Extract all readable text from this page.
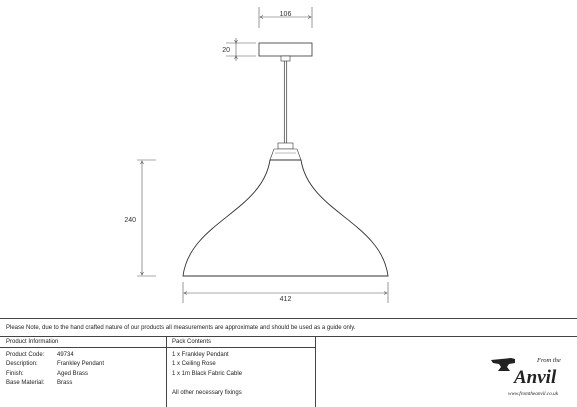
106
20
240
412
Please Note, due to the hand crafted nature of our products all measurements are approximate and should be used as a guide only.
Product Information	Pack Contents
Product Code:	49734
Description:	Frankley Pendant
Finish:	Aged Brass
Base Material:	Brass
1 x Frankley Pendant
1 x Ceiling Rose
1 x 1m Black Fabric Cable
All other necessary fixings
From the
Anvil
www.fromtheanvil.co.uk
